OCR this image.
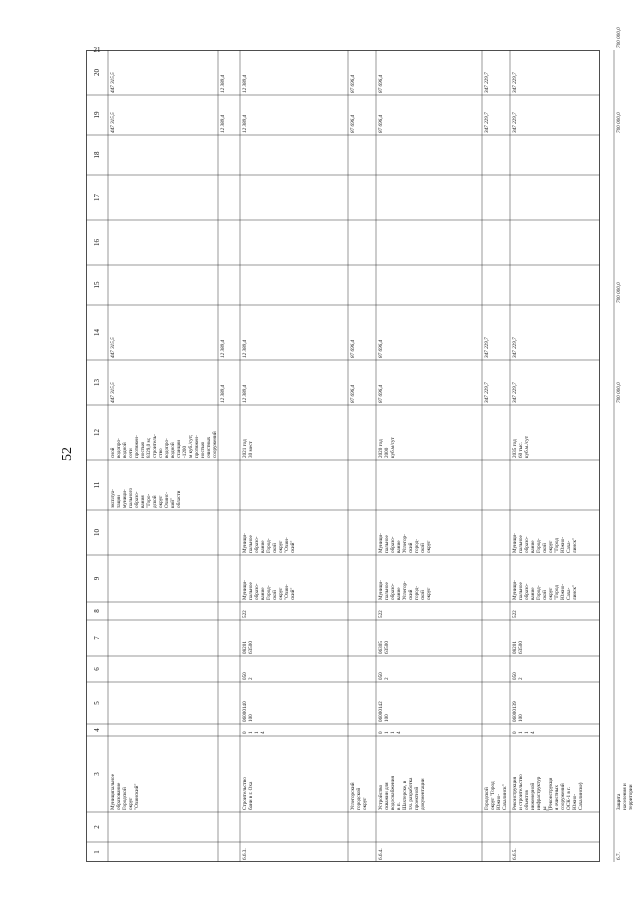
52
1
2
3
4
5
6
7
8
9
10
11
12
13
14
15
16
17
18
19
20
21
Муниципальное образование Городской округ "Охинский"
эксплуа- тации муници- пального образо- вания "Горо- дской округ Охинс- кий" области
сной водопро- водной сети протяжен- ностью 8329,0 м; строитель- ство водопро- водной станции -1200 м куб./сут; протяжен- ностью очистных сооружений
447 315,5
447 315,5
447 315,5
447 315,5
12 389,4
12 389,4
12 389,4
12 389,4
6.6.3.
Строительство бани в г. Оха
0 1 1 4
06000140 100
050 2
08201 63500
522
Муници- пальное образо- вание Город- ской округ "Охин- ский"
Муници- пальное образо- вание Город- ской округ "Охин- ский"
2021 год 30 мест
12 389,4
12 389,4
12 389,4
12 389,4
Углегорский городской округ
87 696,4
87 696,4
87 696,4
87 696,4
6.6.4.
Устройство скважин для водоснабжения в п. Шахтерске, в т.ч. разработка проектной документации
0 1 1 4
06000142 100
050 2
06305 63500
522
Муници- пальное образо- вание Углегор- ский город- ской округ
Муници- пальное образо- вание Углегор- ский город- ской округ
2020 год 2000 куб.м/сут
87 696,4
87 696,4
87 696,4
87 696,4
Городской округ "Город Южно- Сахалинск"
347 229,7
347 229,7
347 229,7
347 229,7
6.6.5.
Реконструкция и строительство объектов инженерной инфраструктур ы (Реконструкци я очистных сооружений ОСК-1 в г. Южно- Сахалинске)
0 1 1 4
06000139 100
050 2
08201 63500
522
Муници- пальное образо- вание Город- ской округ "Город Южно- Саха- линск"
Муници- пальное образо- вание Город- ской округ "Город Южно- Саха- линск"
2035 год 60 тыс. куб.м./сут
347 229,7
347 229,7
347 229,7
347 229,7
6.7.
Защита населения и территории
700 000,0
700 000,0
700 000,0
700 000,0
